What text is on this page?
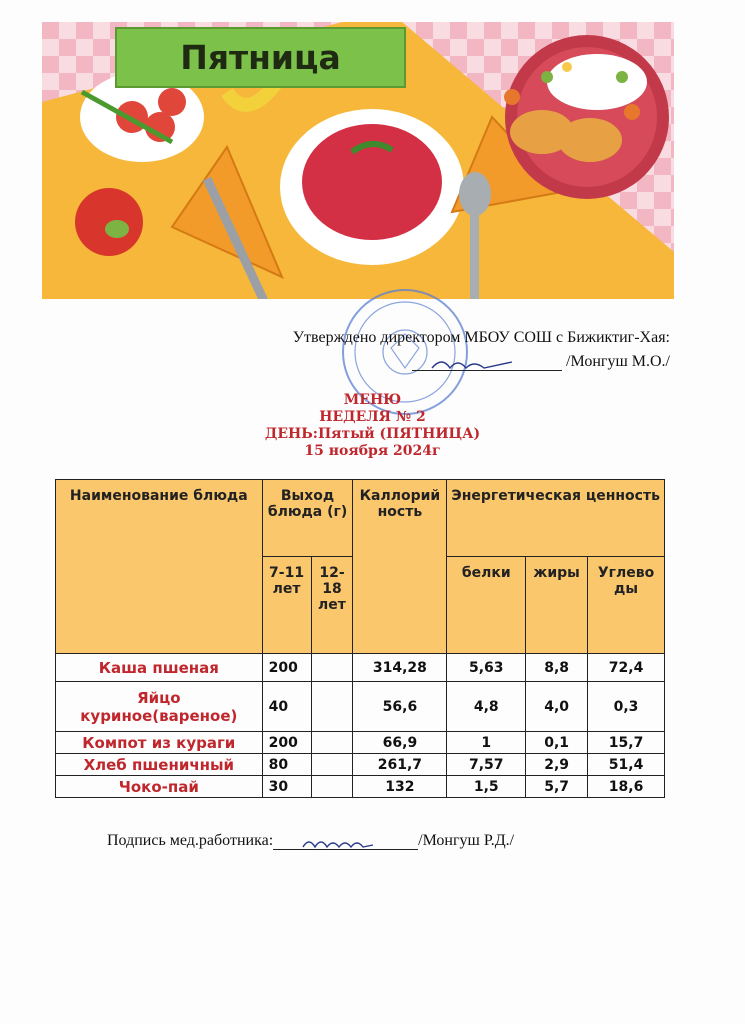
Пятница
Утверждено директором МБОУ СОШ с Бижиктиг-Хая:
/Монгуш М.О./
МЕНЮ
НЕДЕЛЯ № 2
ДЕНЬ:Пятый (ПЯТНИЦА)
15 ноября 2024г
Наименование блюда	Выход блюда (г)		Каллорий ность	Энергетическая ценность		
	7-11 лет	12-18 лет		белки	жиры	Углево ды
Каша пшеная	200		314,28	5,63	8,8	72,4
Яйцо куриное(вареное)	40		56,6	4,8	4,0	0,3
Компот из кураги	200		66,9	1	0,1	15,7
Хлеб пшеничный	80		261,7	7,57	2,9	51,4
Чоко-пай	30		132	1,5	5,7	18,6
Подпись мед.работника:	/Монгуш Р.Д./
